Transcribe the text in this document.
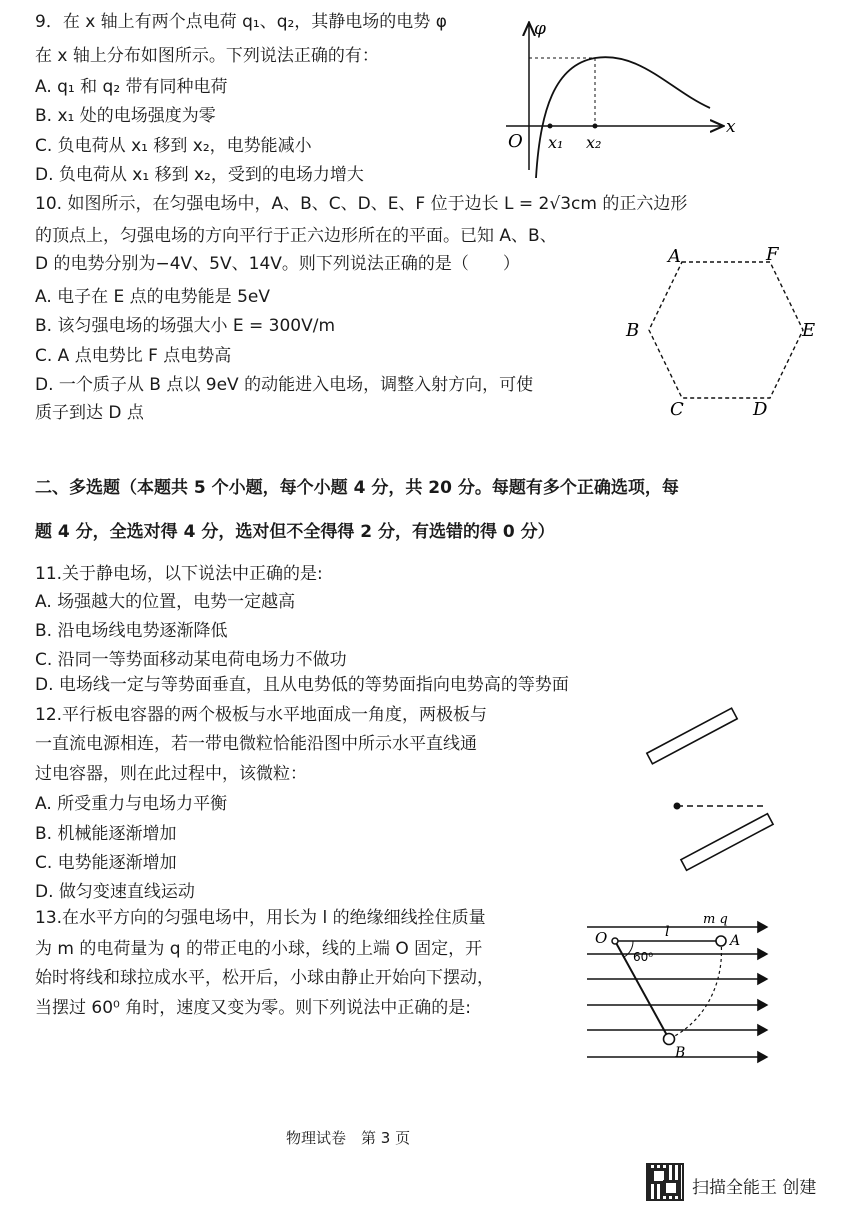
9．在 x 轴上有两个点电荷 q₁、q₂，其静电场的电势 φ
在 x 轴上分布如图所示。下列说法正确的有：
A. q₁ 和 q₂ 带有同种电荷
B. x₁ 处的电场强度为零
C. 负电荷从 x₁ 移到 x₂，电势能减小
D. 负电荷从 x₁ 移到 x₂，受到的电场力增大
φ
x
O x₁ x₂
10. 如图所示，在匀强电场中，A、B、C、D、E、F 位于边长 L = 2√3cm 的正六边形
的顶点上，匀强电场的方向平行于正六边形所在的平面。已知 A、B、
D 的电势分别为−4V、5V、14V。则下列说法正确的是（　　）
A. 电子在 E 点的电势能是 5eV
B. 该匀强电场的场强大小 E = 300V/m
C. A 点电势比 F 点电势高
D. 一个质子从 B 点以 9eV 的动能进入电场，调整入射方向，可使
质子到达 D 点
A	F
B	E
C	D
二、多选题（本题共 5 个小题，每个小题 4 分，共 20 分。每题有多个正确选项，每
题 4 分，全选对得 4 分，选对但不全得得 2 分，有选错的得 0 分）
11.关于静电场，以下说法中正确的是:
A. 场强越大的位置，电势一定越高
B. 沿电场线电势逐渐降低
C. 沿同一等势面移动某电荷电场力不做功
D. 电场线一定与等势面垂直，且从电势低的等势面指向电势高的等势面
12.平行板电容器的两个极板与水平地面成一角度，两极板与
一直流电源相连，若一带电微粒恰能沿图中所示水平直线通
过电容器，则在此过程中，该微粒：
A. 所受重力与电场力平衡
B. 机械能逐渐增加
C. 电势能逐渐增加
D. 做匀变速直线运动
13.在水平方向的匀强电场中，用长为 l 的绝缘细线拴住质量
为 m 的电荷量为 q 的带正电的小球，线的上端 O 固定，开
始时将线和球拉成水平，松开后，小球由静止开始向下摆动，
当摆过 60⁰ 角时，速度又变为零。则下列说法中正确的是:
O	A
B
l
m q
60⁰
物理试卷　第 3 页
扫描全能王 创建
